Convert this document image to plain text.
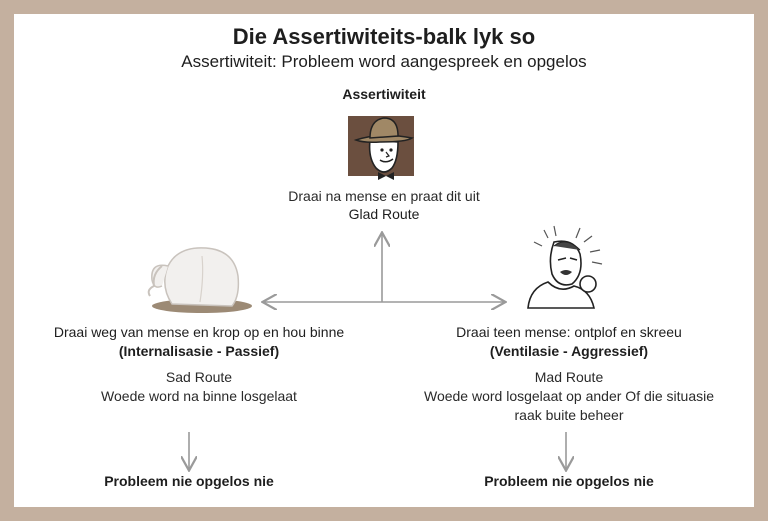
Die Assertiwiteits-balk lyk so
Assertiwiteit: Probleem word aangespreek en opgelos
Assertiwiteit
Draai na mense en praat dit uit
Glad Route
Draai weg van mense en krop op en hou binne
(Internalisasie - Passief)
Sad Route
Woede word na binne losgelaat
Probleem nie opgelos nie
Draai teen mense: ontplof en skreeu
(Ventilasie - Aggressief)
Mad Route
Woede word losgelaat op ander Of die situasie
raak buite beheer
Probleem nie opgelos nie
